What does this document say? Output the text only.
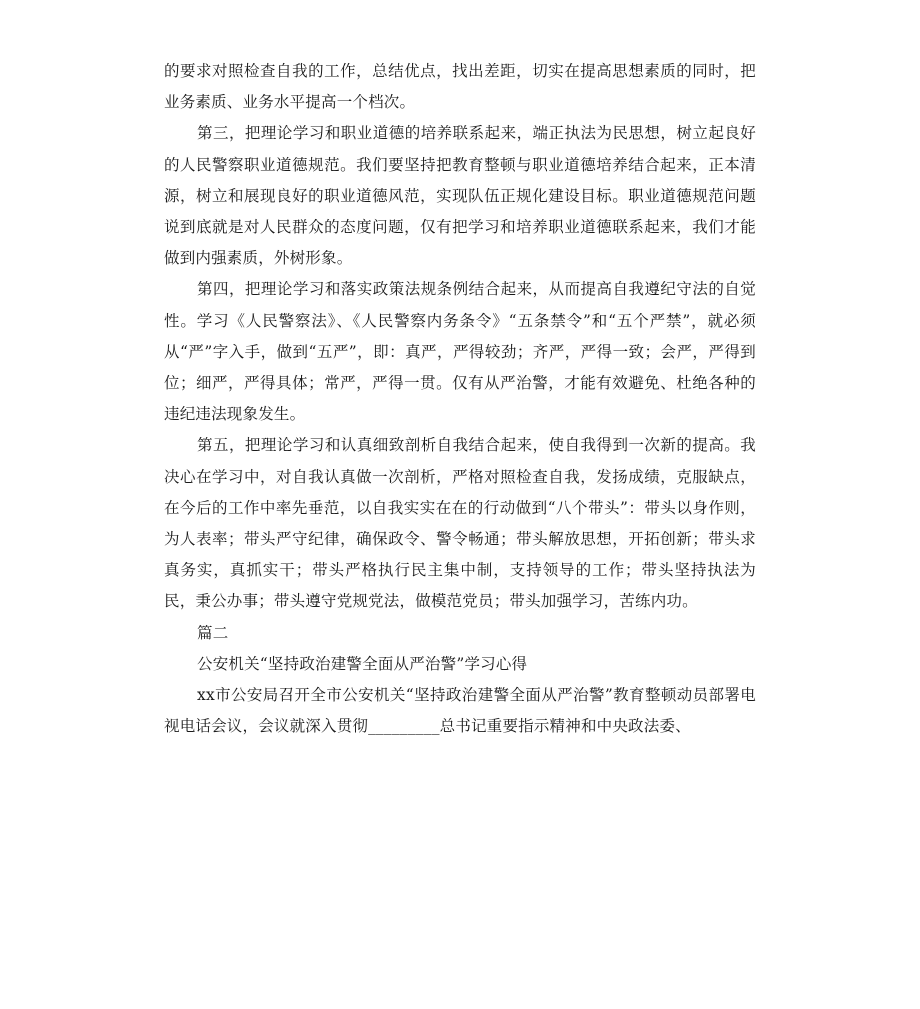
的要求对照检查自我的工作，总结优点，找出差距，切实在提高思想素质的同时，把业务素质、业务水平提高一个档次。

第三，把理论学习和职业道德的培养联系起来，端正执法为民思想，树立起良好的人民警察职业道德规范。我们要坚持把教育整顿与职业道德培养结合起来，正本清源，树立和展现良好的职业道德风范，实现队伍正规化建设目标。职业道德规范问题说到底就是对人民群众的态度问题，仅有把学习和培养职业道德联系起来，我们才能做到内强素质，外树形象。

第四，把理论学习和落实政策法规条例结合起来，从而提高自我遵纪守法的自觉性。学习《人民警察法》、《人民警察内务条令》“五条禁令”和“五个严禁”，就必须从“严”字入手，做到“五严”，即：真严，严得较劲；齐严，严得一致；会严，严得到位；细严，严得具体；常严，严得一贯。仅有从严治警，才能有效避免、杜绝各种的违纪违法现象发生。

第五，把理论学习和认真细致剖析自我结合起来，使自我得到一次新的提高。我决心在学习中，对自我认真做一次剖析，严格对照检查自我，发扬成绩，克服缺点，在今后的工作中率先垂范，以自我实实在在的行动做到“八个带头”：带头以身作则，为人表率；带头严守纪律，确保政令、警令畅通；带头解放思想，开拓创新；带头求真务实，真抓实干；带头严格执行民主集中制，支持领导的工作；带头坚持执法为民，秉公办事；带头遵守党规党法，做模范党员；带头加强学习，苦练内功。

篇二

公安机关“坚持政治建警全面从严治警”学习心得

xx市公安局召开全市公安机关“坚持政治建警全面从严治警”教育整顿动员部署电视电话会议，会议就深入贯彻_________总书记重要指示精神和中央政法委、
